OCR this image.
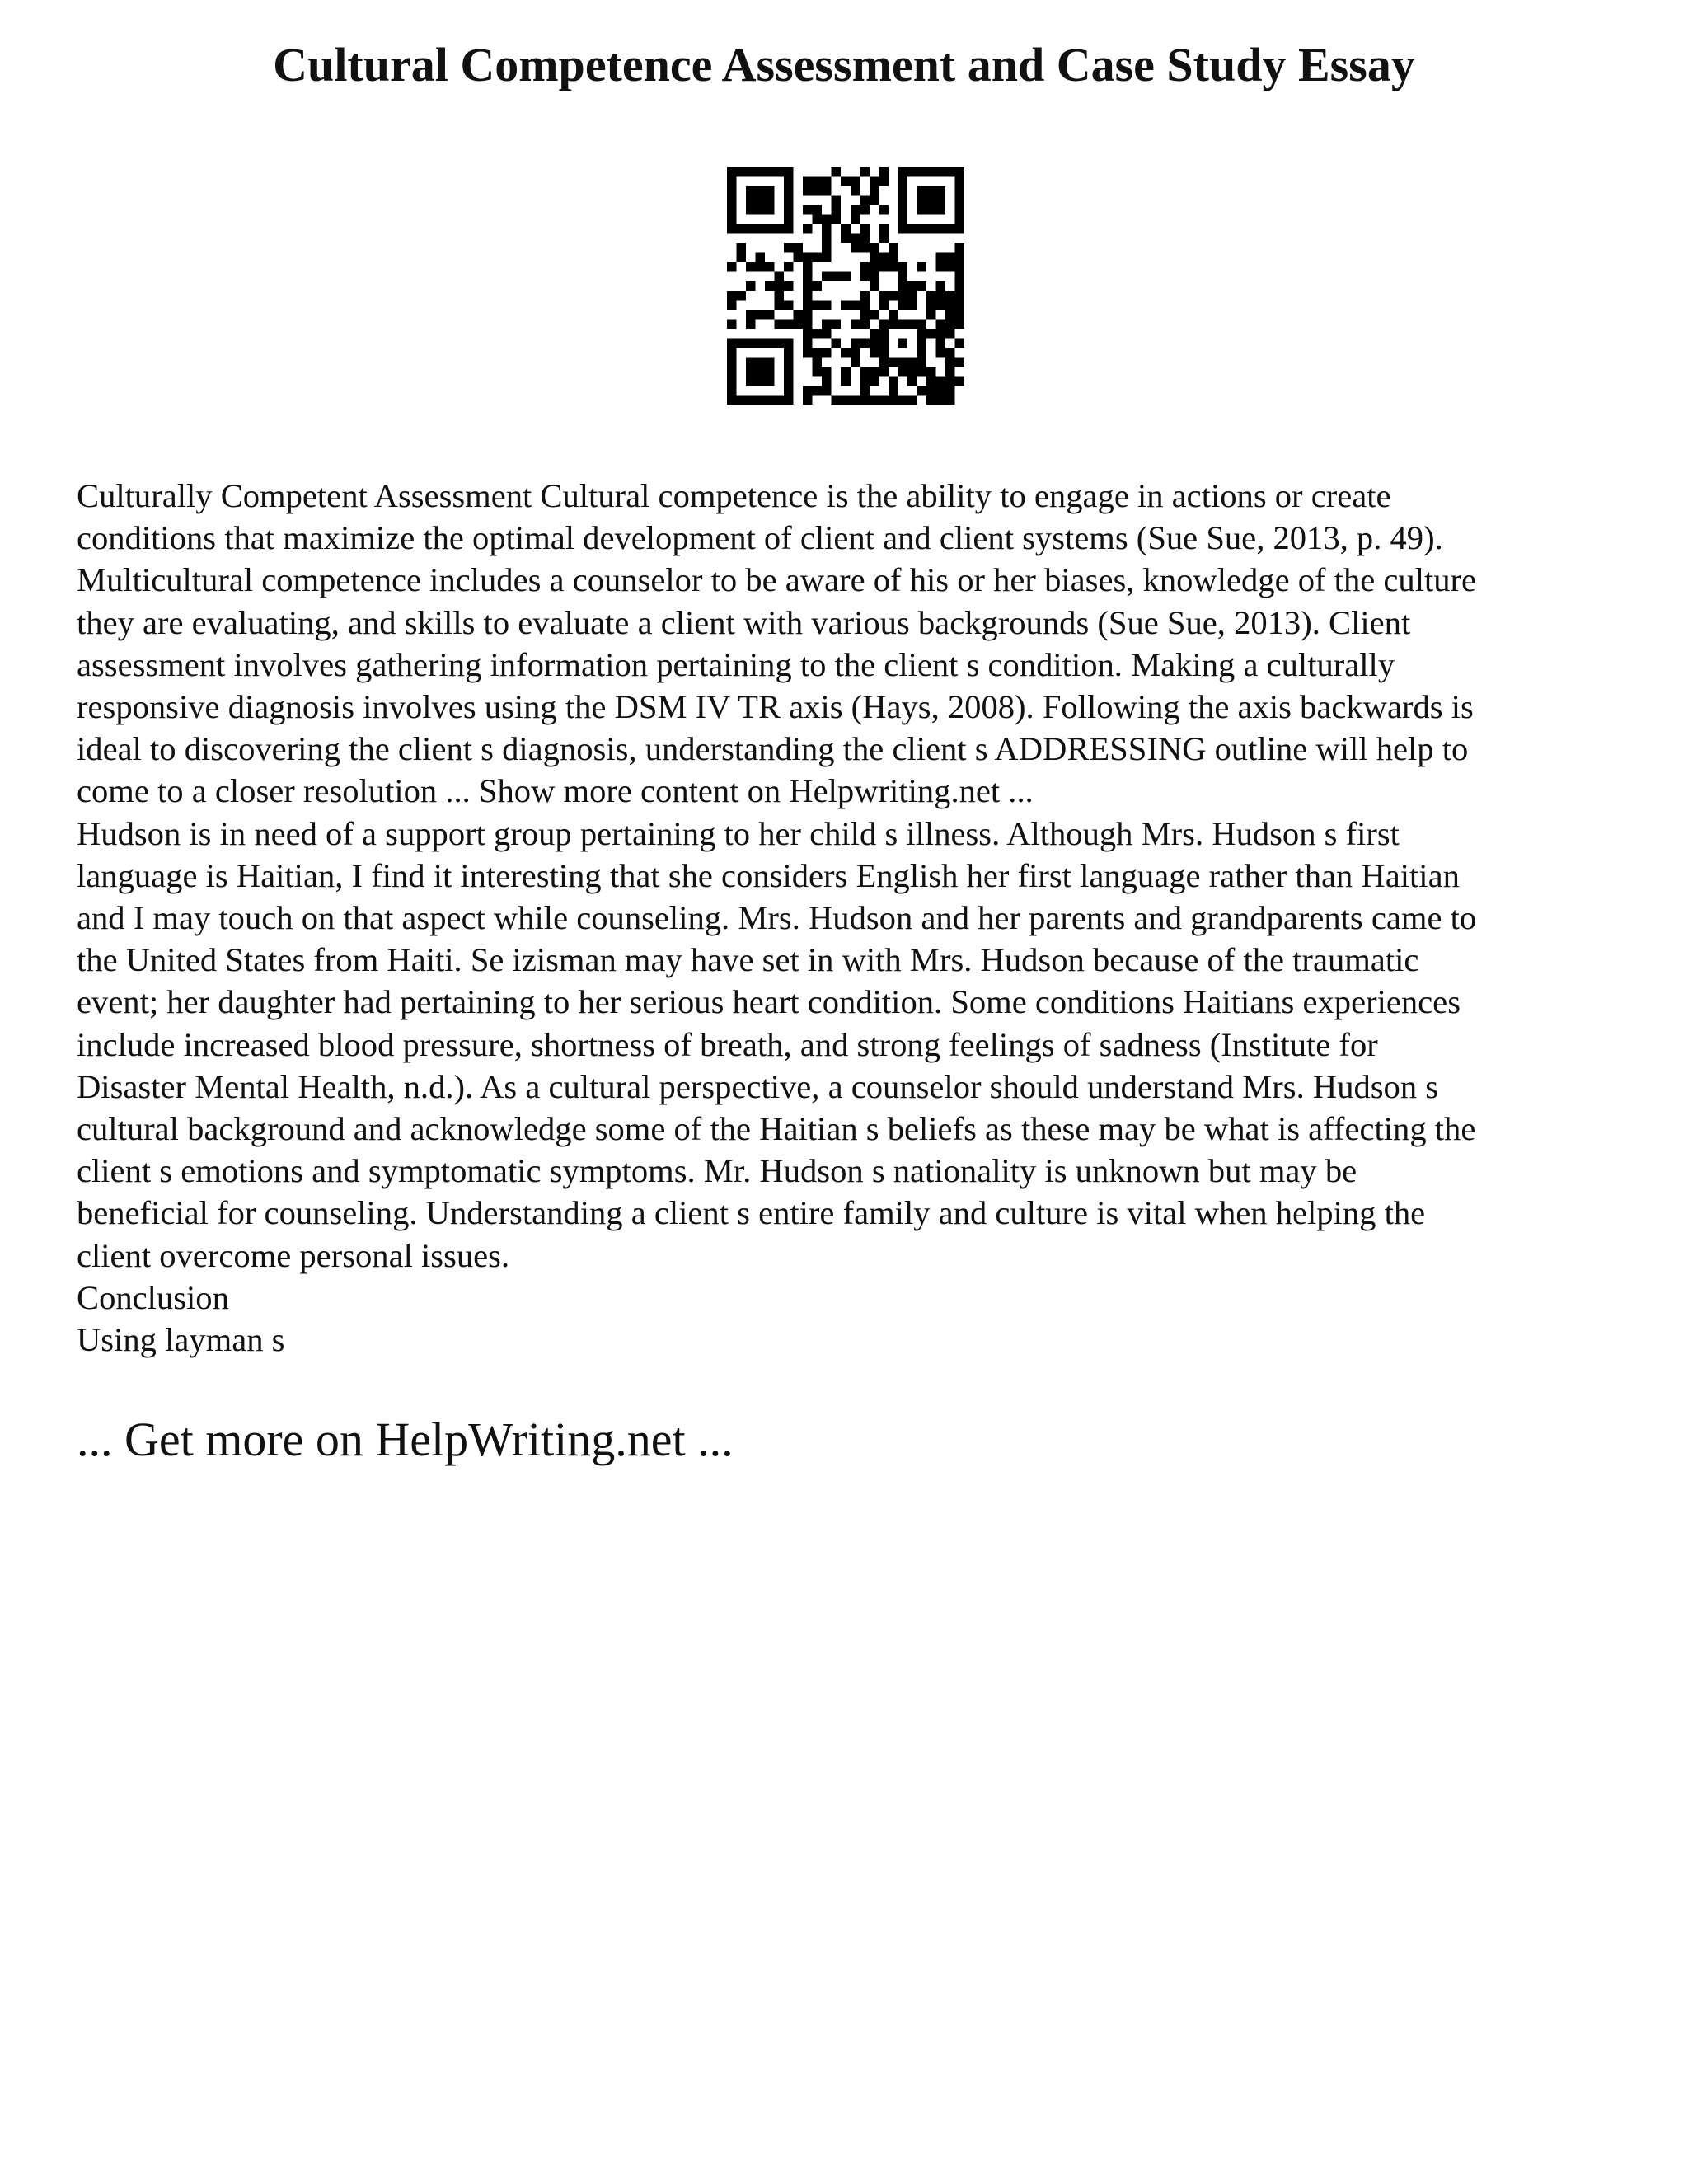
Cultural Competence Assessment and Case Study Essay
Culturally Competent Assessment Cultural competence is the ability to engage in actions or create
conditions that maximize the optimal development of client and client systems (Sue Sue, 2013, p. 49).
Multicultural competence includes a counselor to be aware of his or her biases, knowledge of the culture
they are evaluating, and skills to evaluate a client with various backgrounds (Sue Sue, 2013). Client
assessment involves gathering information pertaining to the client s condition. Making a culturally
responsive diagnosis involves using the DSM IV TR axis (Hays, 2008). Following the axis backwards is
ideal to discovering the client s diagnosis, understanding the client s ADDRESSING outline will help to
come to a closer resolution ... Show more content on Helpwriting.net ...
Hudson is in need of a support group pertaining to her child s illness. Although Mrs. Hudson s first
language is Haitian, I find it interesting that she considers English her first language rather than Haitian
and I may touch on that aspect while counseling. Mrs. Hudson and her parents and grandparents came to
the United States from Haiti. Se izisman may have set in with Mrs. Hudson because of the traumatic
event; her daughter had pertaining to her serious heart condition. Some conditions Haitians experiences
include increased blood pressure, shortness of breath, and strong feelings of sadness (Institute for
Disaster Mental Health, n.d.). As a cultural perspective, a counselor should understand Mrs. Hudson s
cultural background and acknowledge some of the Haitian s beliefs as these may be what is affecting the
client s emotions and symptomatic symptoms. Mr. Hudson s nationality is unknown but may be
beneficial for counseling. Understanding a client s entire family and culture is vital when helping the
client overcome personal issues.
Conclusion
Using layman s
... Get more on HelpWriting.net ...
